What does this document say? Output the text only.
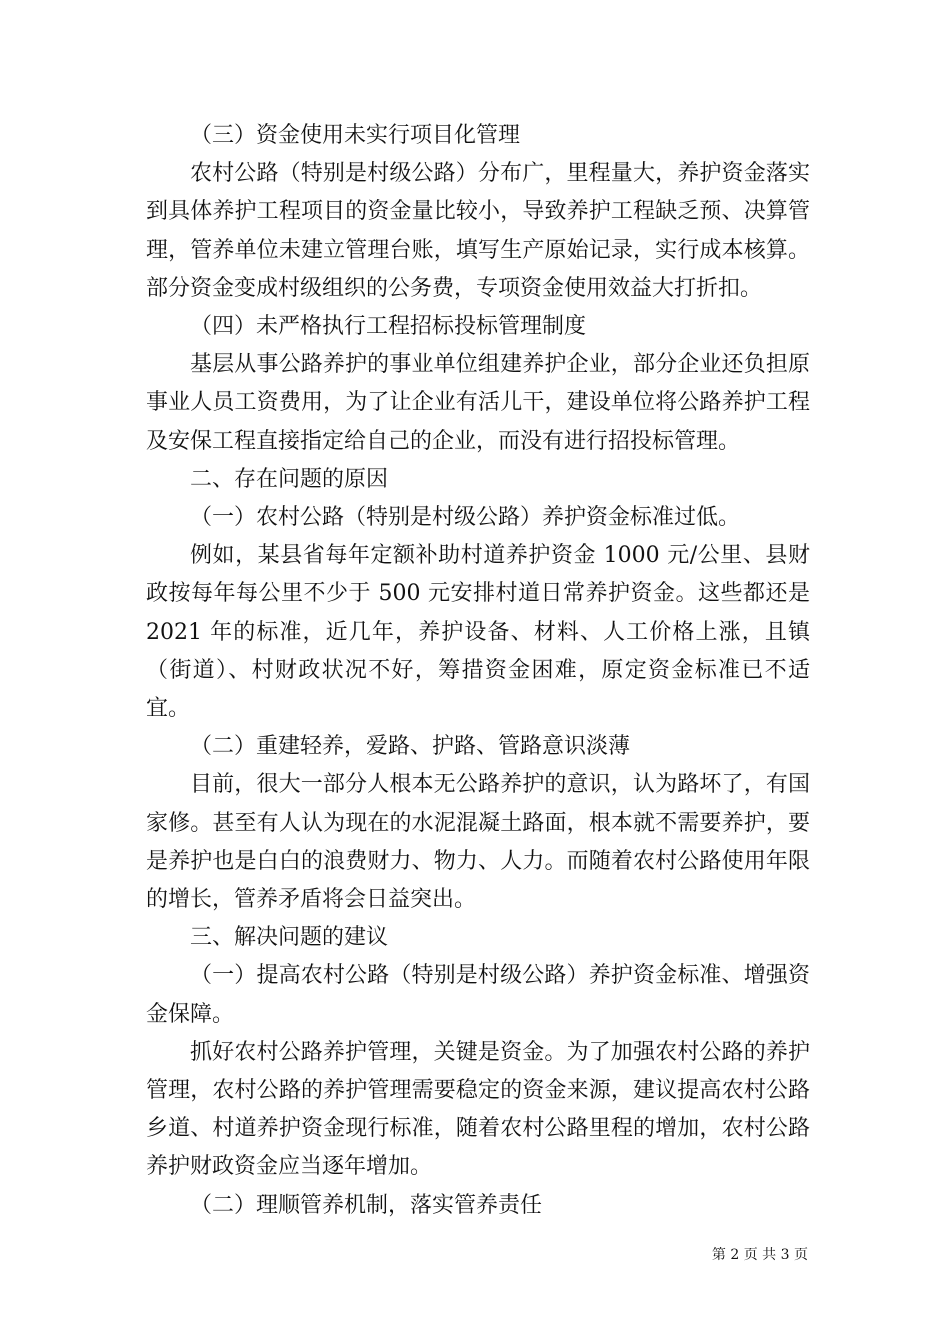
（三）资金使用未实行项目化管理

农村公路（特别是村级公路）分布广，里程量大，养护资金落实到具体养护工程项目的资金量比较小，导致养护工程缺乏预、决算管理，管养单位未建立管理台账，填写生产原始记录，实行成本核算。部分资金变成村级组织的公务费，专项资金使用效益大打折扣。

（四）未严格执行工程招标投标管理制度

基层从事公路养护的事业单位组建养护企业，部分企业还负担原事业人员工资费用，为了让企业有活儿干，建设单位将公路养护工程及安保工程直接指定给自己的企业，而没有进行招投标管理。

二、存在问题的原因

（一）农村公路（特别是村级公路）养护资金标准过低。

例如，某县省每年定额补助村道养护资金 1000 元/公里、县财政按每年每公里不少于 500 元安排村道日常养护资金。这些都还是 2021 年的标准，近几年，养护设备、材料、人工价格上涨，且镇（街道）、村财政状况不好，筹措资金困难，原定资金标准已不适宜。

（二）重建轻养，爱路、护路、管路意识淡薄

目前，很大一部分人根本无公路养护的意识，认为路坏了，有国家修。甚至有人认为现在的水泥混凝土路面，根本就不需要养护，要是养护也是白白的浪费财力、物力、人力。而随着农村公路使用年限的增长，管养矛盾将会日益突出。

三、解决问题的建议

（一）提高农村公路（特别是村级公路）养护资金标准、增强资金保障。

抓好农村公路养护管理，关键是资金。为了加强农村公路的养护管理，农村公路的养护管理需要稳定的资金来源，建议提高农村公路乡道、村道养护资金现行标准，随着农村公路里程的增加，农村公路养护财政资金应当逐年增加。

（二）理顺管养机制，落实管养责任

第 2 页 共 3 页
